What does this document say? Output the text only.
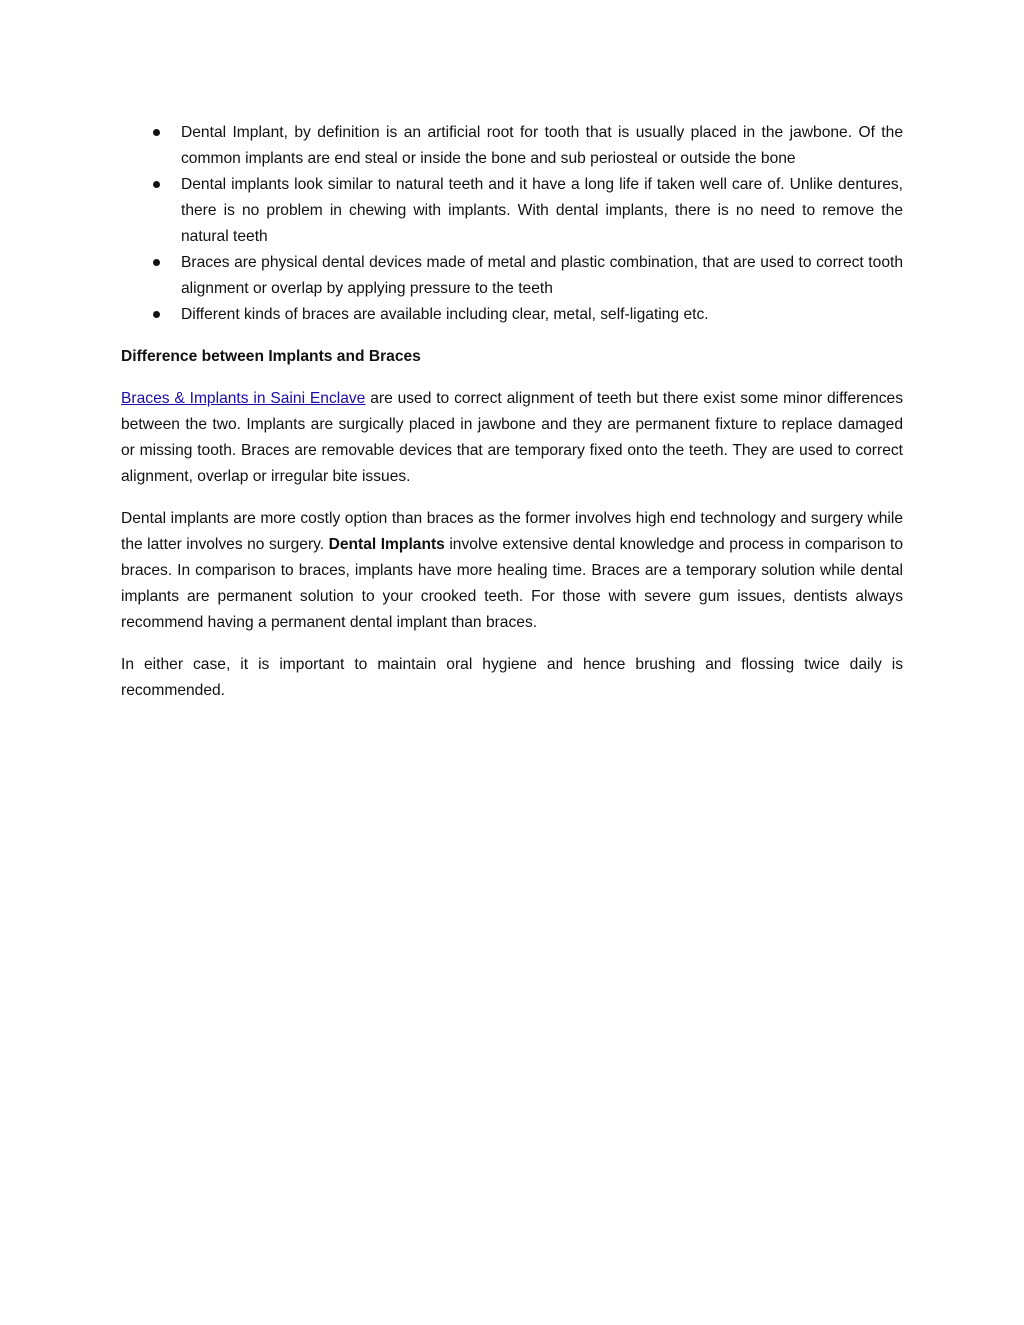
Dental Implant, by definition is an artificial root for tooth that is usually placed in the jawbone. Of the common implants are end steal or inside the bone and sub periosteal or outside the bone
Dental implants look similar to natural teeth and it have a long life if taken well care of. Unlike dentures, there is no problem in chewing with implants. With dental implants, there is no need to remove the natural teeth
Braces are physical dental devices made of metal and plastic combination, that are used to correct tooth alignment or overlap by applying pressure to the teeth
Different kinds of braces are available including clear, metal, self-ligating etc.
Difference between Implants and Braces

Braces & Implants in Saini Enclave are used to correct alignment of teeth but there exist some minor differences between the two. Implants are surgically placed in jawbone and they are permanent fixture to replace damaged or missing tooth. Braces are removable devices that are temporary fixed onto the teeth. They are used to correct alignment, overlap or irregular bite issues.

Dental implants are more costly option than braces as the former involves high end technology and surgery while the latter involves no surgery. Dental Implants involve extensive dental knowledge and process in comparison to braces. In comparison to braces, implants have more healing time. Braces are a temporary solution while dental implants are permanent solution to your crooked teeth. For those with severe gum issues, dentists always recommend having a permanent dental implant than braces.

In either case, it is important to maintain oral hygiene and hence brushing and flossing twice daily is recommended.
